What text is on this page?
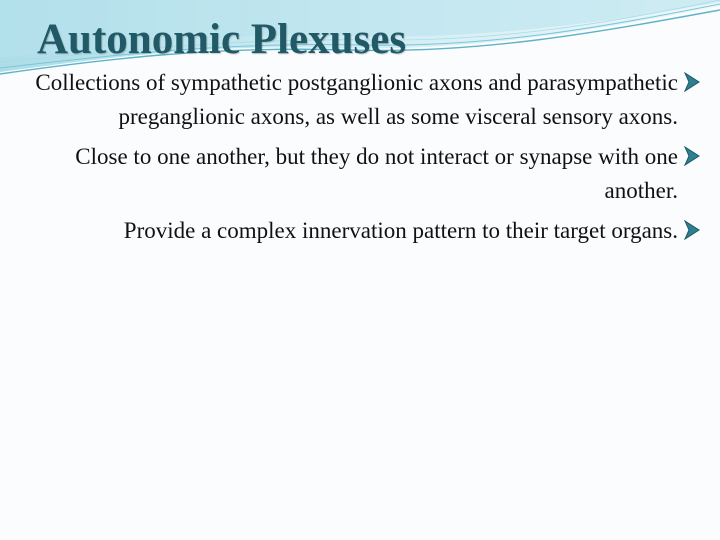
Autonomic Plexuses
Collections of sympathetic postganglionic axons and parasympathetic preganglionic axons, as well as some visceral sensory axons.
Close to one another, but they do not interact or synapse with one another.
Provide a complex innervation pattern to their target organs.
